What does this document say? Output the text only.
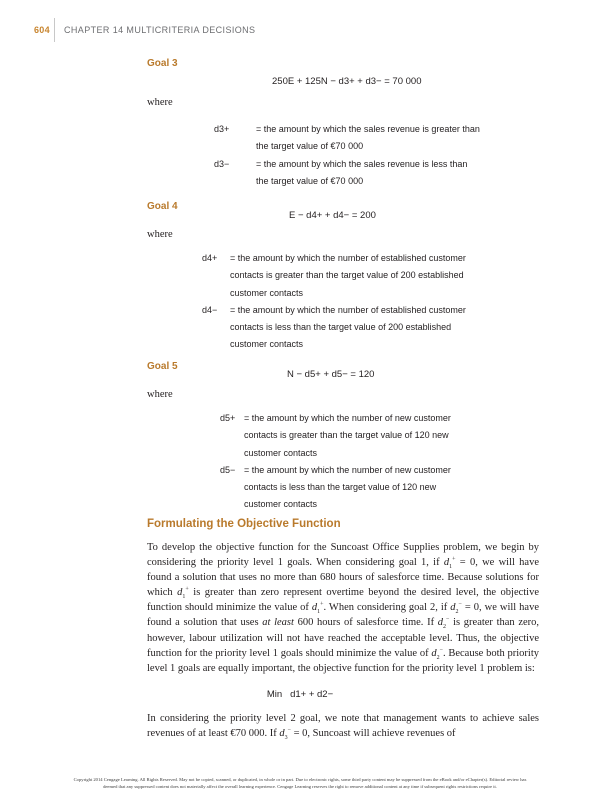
604 CHAPTER 14 MULTICRITERIA DECISIONS
Goal 3
250E + 125N − d3+ + d3− = 70 000
where
d3+	= the amount by which the sales revenue is greater than
the target value of €70 000
d3−	= the amount by which the sales revenue is less than
the target value of €70 000
Goal 4
E − d4+ + d4− = 200
where
d4+ = the amount by which the number of established customer
contacts is greater than the target value of 200 established
customer contacts
d4− = the amount by which the number of established customer
contacts is less than the target value of 200 established
customer contacts
Goal 5
N − d5+ + d5− = 120
where
d5+ = the amount by which the number of new customer
contacts is greater than the target value of 120 new
customer contacts
d5− = the amount by which the number of new customer
contacts is less than the target value of 120 new
customer contacts
Formulating the Objective Function

To develop the objective function for the Suncoast Office Supplies problem, we begin by considering the priority level 1 goals. When considering goal 1, if $d_1^+ = 0$, we will have found a solution that uses no more than 680 hours of salesforce time. Because solutions for which $d_1^+$ is greater than zero represent overtime beyond the desired level, the objective function should minimize the value of $d_1^+$. When considering goal 2, if $d_2^- = 0$, we will have found a solution that uses at least 600 hours of salesforce time. If $d_2^-$ is greater than zero, however, labour utilization will not have reached the acceptable level. Thus, the objective function for the priority level 1 goals should minimize the value of $d_2^-$. Because both priority level 1 goals are equally important, the objective function for the priority level 1 problem is:

Min d1+ + d2−

In considering the priority level 2 goal, we note that management wants to achieve sales revenues of at least €70 000. If $d_3^- = 0$, Suncoast will achieve revenues of

Copyright 2014 Cengage Learning. All Rights Reserved. May not be copied, scanned, or duplicated, in whole or in part. Due to electronic rights, some third party content may be suppressed from the eBook and/or eChapter(s). Editorial review has
deemed that any suppressed content does not materially affect the overall learning experience. Cengage Learning reserves the right to remove additional content at any time if subsequent rights restrictions require it.
